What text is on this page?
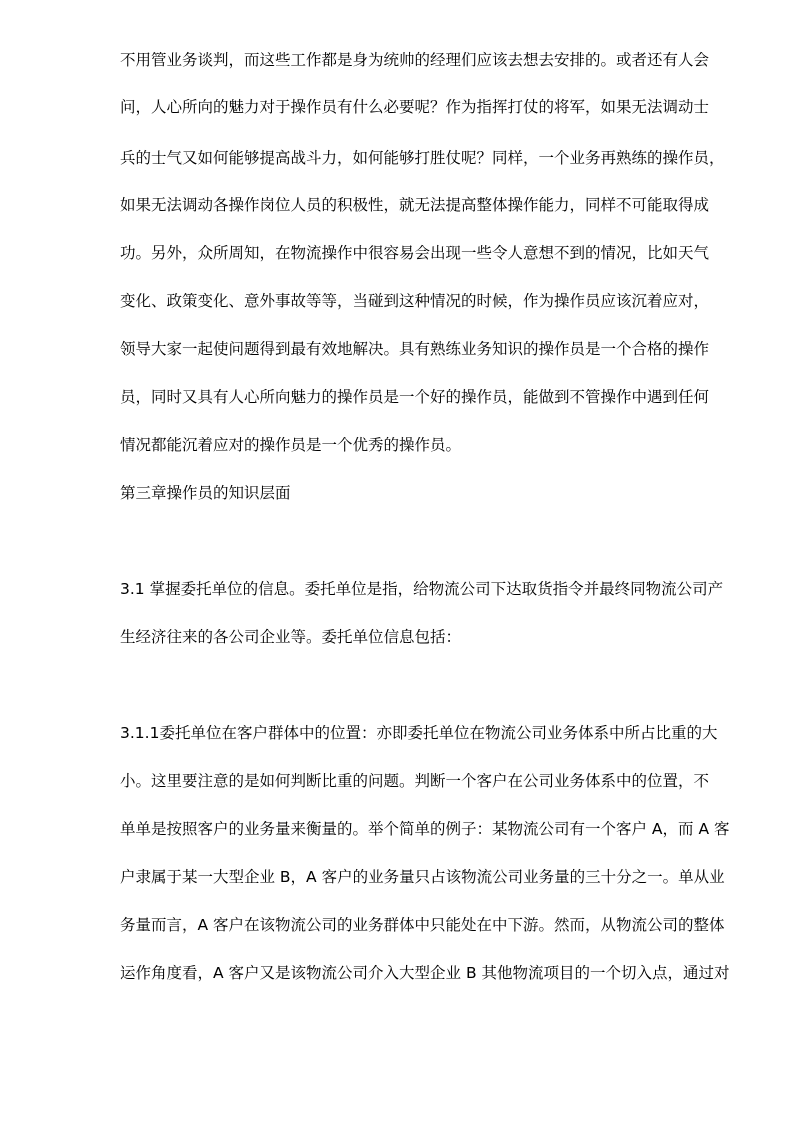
不用管业务谈判，而这些工作都是身为统帅的经理们应该去想去安排的。或者还有人会
问，人心所向的魅力对于操作员有什么必要呢？作为指挥打仗的将军，如果无法调动士
兵的士气又如何能够提高战斗力，如何能够打胜仗呢？同样，一个业务再熟练的操作员，
如果无法调动各操作岗位人员的积极性，就无法提高整体操作能力，同样不可能取得成
功。另外，众所周知，在物流操作中很容易会出现一些令人意想不到的情况，比如天气
变化、政策变化、意外事故等等，当碰到这种情况的时候，作为操作员应该沉着应对，
领导大家一起使问题得到最有效地解决。具有熟练业务知识的操作员是一个合格的操作
员，同时又具有人心所向魅力的操作员是一个好的操作员，能做到不管操作中遇到任何
情况都能沉着应对的操作员是一个优秀的操作员。
第三章操作员的知识层面
3.1 掌握委托单位的信息。委托单位是指，给物流公司下达取货指令并最终同物流公司产
生经济往来的各公司企业等。委托单位信息包括：
3.1.1委托单位在客户群体中的位置：亦即委托单位在物流公司业务体系中所占比重的大
小。这里要注意的是如何判断比重的问题。判断一个客户在公司业务体系中的位置，不
单单是按照客户的业务量来衡量的。举个简单的例子：某物流公司有一个客户 A，而 A 客
户隶属于某一大型企业 B，A 客户的业务量只占该物流公司业务量的三十分之一。单从业
务量而言，A 客户在该物流公司的业务群体中只能处在中下游。然而，从物流公司的整体
运作角度看，A 客户又是该物流公司介入大型企业 B 其他物流项目的一个切入点，通过对
